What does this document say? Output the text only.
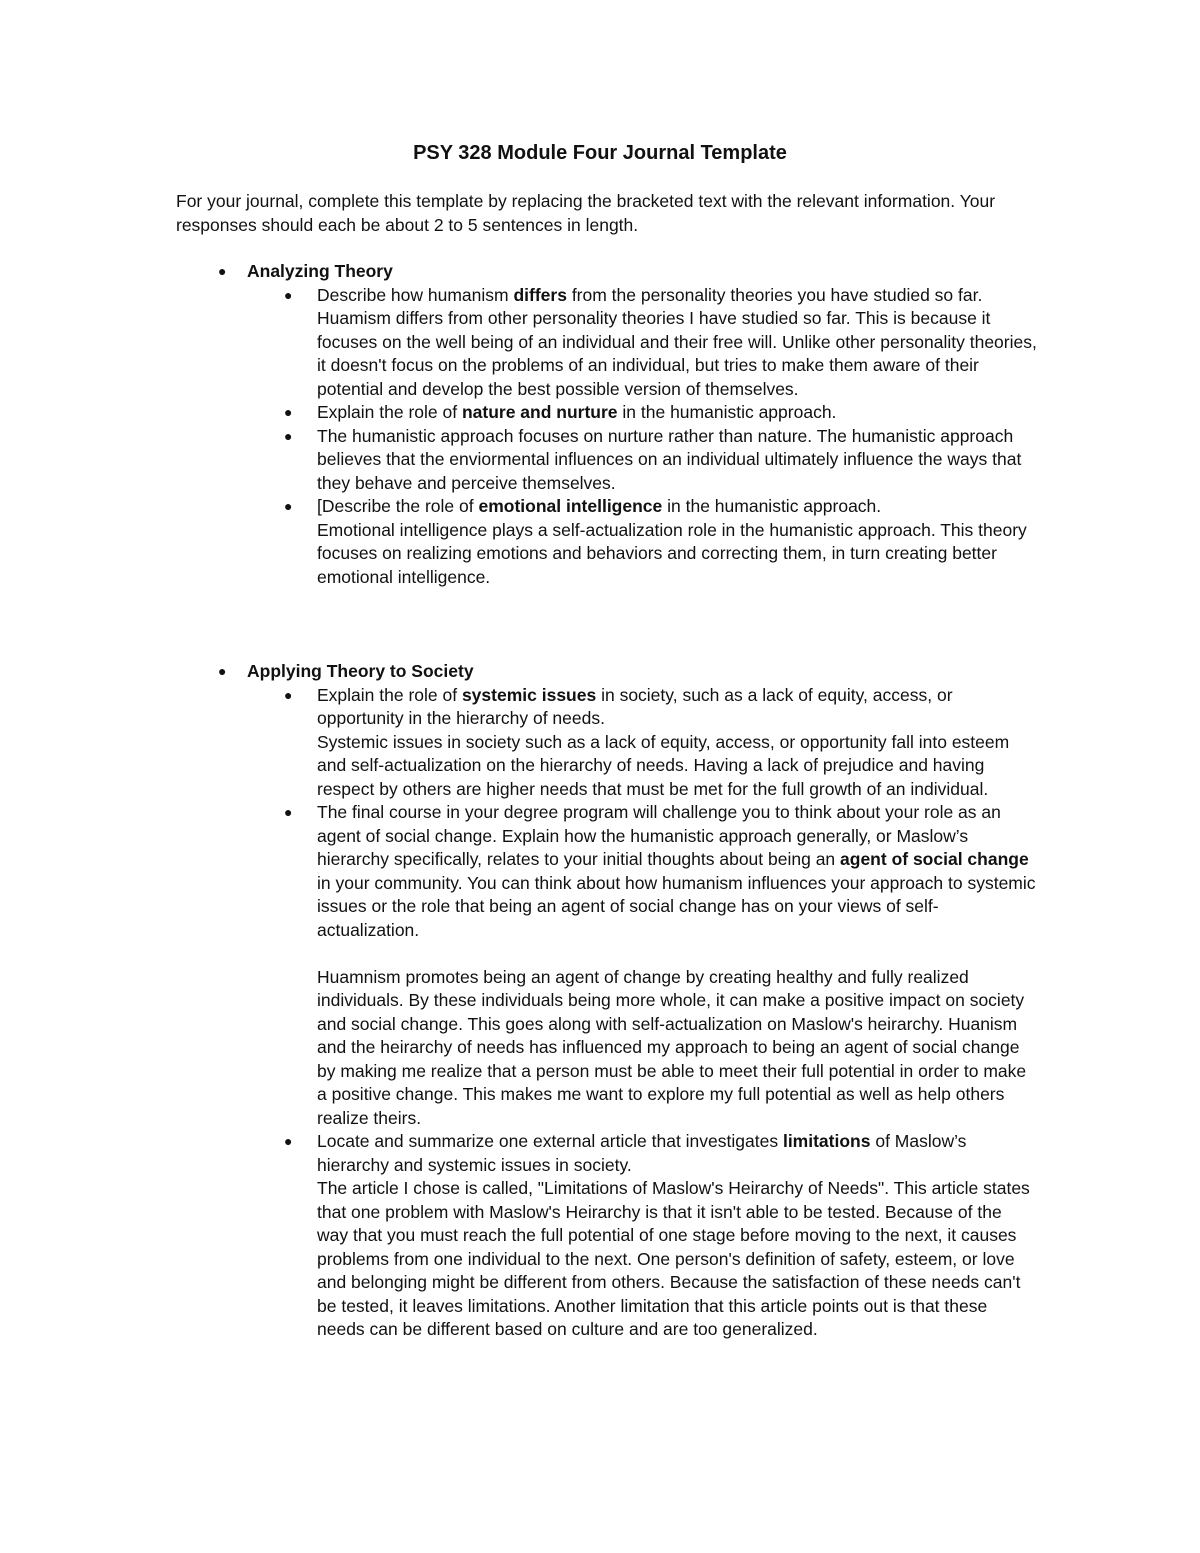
PSY 328 Module Four Journal Template
For your journal, complete this template by replacing the bracketed text with the relevant information. Your responses should each be about 2 to 5 sentences in length.
● Analyzing Theory
● Describe how humanism differs from the personality theories you have studied so far.
Huamism differs from other personality theories I have studied so far. This is because it focuses on the well being of an individual and their free will. Unlike other personality theories, it doesn't focus on the problems of an individual, but tries to make them aware of their potential and develop the best possible version of themselves.
● Explain the role of nature and nurture in the humanistic approach.
● The humanistic approach focuses on nurture rather than nature. The humanistic approach believes that the enviormental influences on an individual ultimately influence the ways that they behave and perceive themselves.
● [Describe the role of emotional intelligence in the humanistic approach.
Emotional intelligence plays a self-actualization role in the humanistic approach. This theory focuses on realizing emotions and behaviors and correcting them, in turn creating better emotional intelligence.
● Applying Theory to Society
● Explain the role of systemic issues in society, such as a lack of equity, access, or opportunity in the hierarchy of needs.
Systemic issues in society such as a lack of equity, access, or opportunity fall into esteem and self-actualization on the hierarchy of needs. Having a lack of prejudice and having respect by others are higher needs that must be met for the full growth of an individual.
● The final course in your degree program will challenge you to think about your role as an agent of social change. Explain how the humanistic approach generally, or Maslow’s hierarchy specifically, relates to your initial thoughts about being an agent of social change in your community. You can think about how humanism influences your approach to systemic issues or the role that being an agent of social change has on your views of self-actualization.
Huamnism promotes being an agent of change by creating healthy and fully realized individuals. By these individuals being more whole, it can make a positive impact on society and social change. This goes along with self-actualization on Maslow's heirarchy. Huanism and the heirarchy of needs has influenced my approach to being an agent of social change by making me realize that a person must be able to meet their full potential in order to make a positive change. This makes me want to explore my full potential as well as help others realize theirs.
● Locate and summarize one external article that investigates limitations of Maslow’s hierarchy and systemic issues in society.
The article I chose is called, "Limitations of Maslow's Heirarchy of Needs". This article states that one problem with Maslow's Heirarchy is that it isn't able to be tested. Because of the way that you must reach the full potential of one stage before moving to the next, it causes problems from one individual to the next. One person's definition of safety, esteem, or love and belonging might be different from others. Because the satisfaction of these needs can't be tested, it leaves limitations. Another limitation that this article points out is that these needs can be different based on culture and are too generalized.
